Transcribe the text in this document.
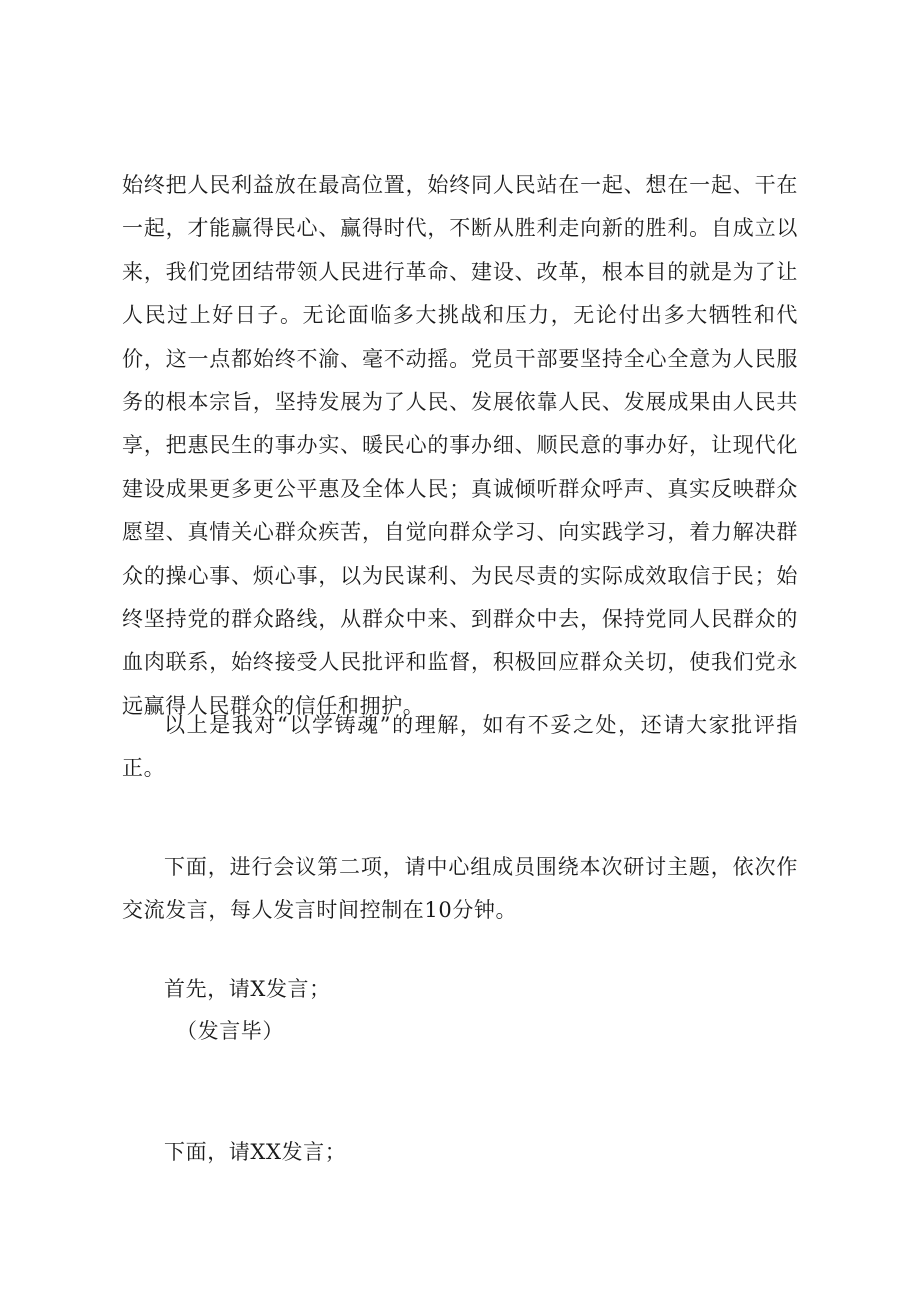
始终把人民利益放在最高位置，始终同人民站在一起、想在一起、干在一起，才能赢得民心、赢得时代，不断从胜利走向新的胜利。自成立以来，我们党团结带领人民进行革命、建设、改革，根本目的就是为了让人民过上好日子。无论面临多大挑战和压力，无论付出多大牺牲和代价，这一点都始终不渝、毫不动摇。党员干部要坚持全心全意为人民服务的根本宗旨，坚持发展为了人民、发展依靠人民、发展成果由人民共享，把惠民生的事办实、暖民心的事办细、顺民意的事办好，让现代化建设成果更多更公平惠及全体人民；真诚倾听群众呼声、真实反映群众愿望、真情关心群众疾苦，自觉向群众学习、向实践学习，着力解决群众的操心事、烦心事，以为民谋利、为民尽责的实际成效取信于民；始终坚持党的群众路线，从群众中来、到群众中去，保持党同人民群众的血肉联系，始终接受人民批评和监督，积极回应群众关切，使我们党永远赢得人民群众的信任和拥护。

以上是我对“以学铸魂”的理解，如有不妥之处，还请大家批评指正。

下面，进行会议第二项，请中心组成员围绕本次研讨主题，依次作交流发言，每人发言时间控制在10分钟。

首先，请X发言；

（发言毕）

下面，请XX发言；
